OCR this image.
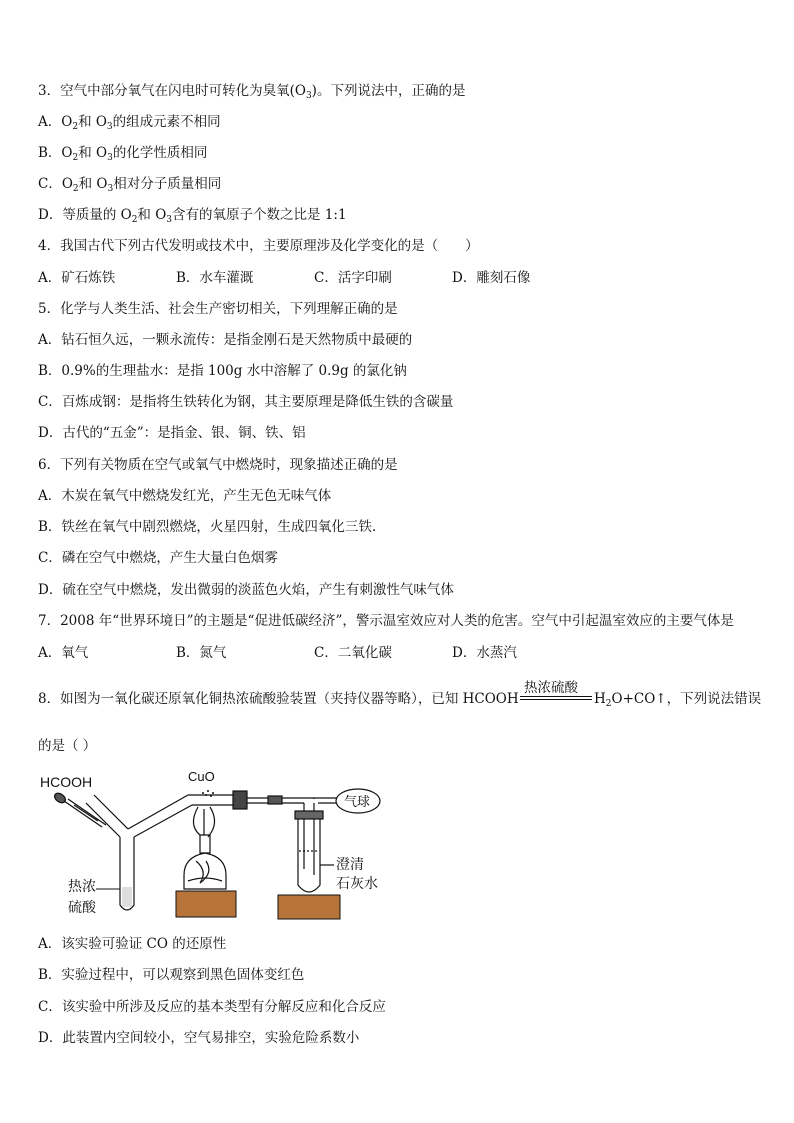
3．空气中部分氧气在闪电时可转化为臭氧$(O_3)$。下列说法中，正确的是
A．$O_2$和 $O_3$的组成元素不相同
B．$O_2$和 $O_3$的化学性质相同
C．$O_2$和 $O_3$相对分子质量相同
D．等质量的 $O_2$和 $O_3$含有的氧原子个数之比是 1:1
4．我国古代下列古代发明或技术中，主要原理涉及化学变化的是（　　）
A．矿石炼铁	B．水车灌溉	C．活字印刷	D．雕刻石像
5．化学与人类生活、社会生产密切相关，下列理解正确的是
A．钻石恒久远，一颗永流传：是指金刚石是天然物质中最硬的
B．0.9%的生理盐水：是指 100g 水中溶解了 0.9g 的氯化钠
C．百炼成钢：是指将生铁转化为钢，其主要原理是降低生铁的含碳量
D．古代的“五金”：是指金、银、铜、铁、铝
6．下列有关物质在空气或氧气中燃烧时，现象描述正确的是
A．木炭在氧气中燃烧发红光，产生无色无味气体
B．铁丝在氧气中剧烈燃烧，火星四射，生成四氧化三铁.
C．磷在空气中燃烧，产生大量白色烟雾
D．硫在空气中燃烧，发出微弱的淡蓝色火焰，产生有刺激性气味气体
7．2008 年“世界环境日”的主题是“促进低碳经济”，警示温室效应对人类的危害。空气中引起温室效应的主要气体是
A．氧气	B．氮气	C．二氧化碳	D．水蒸汽
8．如图为一氧化碳还原氧化铜热浓硫酸验装置（夹持仪器等略），已知 HCOOH
热浓硫酸
$H_2O+CO↑$，下列说法错误
的是（ ）
HCOOH	CuO
热浓
硫酸
澄清
石灰水
气球
A．该实验可验证 CO 的还原性
B．实验过程中，可以观察到黑色固体变红色
C．该实验中所涉及反应的基本类型有分解反应和化合反应
D．此装置内空间较小，空气易排空，实验危险系数小
